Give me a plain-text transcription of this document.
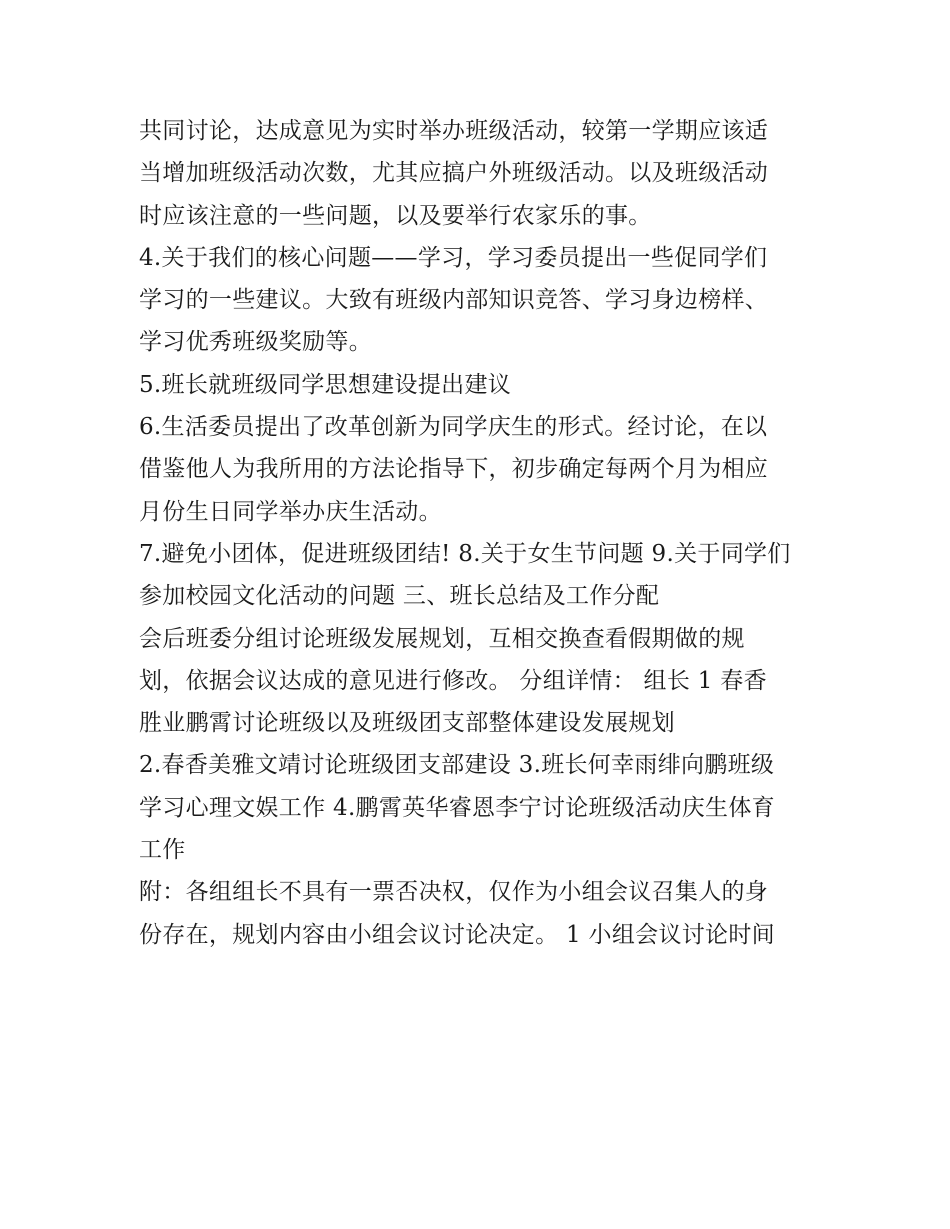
共同讨论，达成意见为实时举办班级活动，较第一学期应该适
当增加班级活动次数，尤其应搞户外班级活动。以及班级活动
时应该注意的一些问题，以及要举行农家乐的事。
4.关于我们的核心问题——学习，学习委员提出一些促同学们
学习的一些建议。大致有班级内部知识竞答、学习身边榜样、
学习优秀班级奖励等。
5.班长就班级同学思想建设提出建议
6.生活委员提出了改革创新为同学庆生的形式。经讨论，在以
借鉴他人为我所用的方法论指导下，初步确定每两个月为相应
月份生日同学举办庆生活动。
7.避免小团体，促进班级团结! 8.关于女生节问题 9.关于同学们
参加校园文化活动的问题 三、班长总结及工作分配
会后班委分组讨论班级发展规划，互相交换查看假期做的规
划，依据会议达成的意见进行修改。 分组详情： 组长 1 春香
胜业鹏霄讨论班级以及班级团支部整体建设发展规划
2.春香美雅文靖讨论班级团支部建设 3.班长何幸雨绯向鹏班级
学习心理文娱工作 4.鹏霄英华睿恩李宁讨论班级活动庆生体育
工作
附：各组组长不具有一票否决权，仅作为小组会议召集人的身
份存在，规划内容由小组会议讨论决定。 1 小组会议讨论时间
